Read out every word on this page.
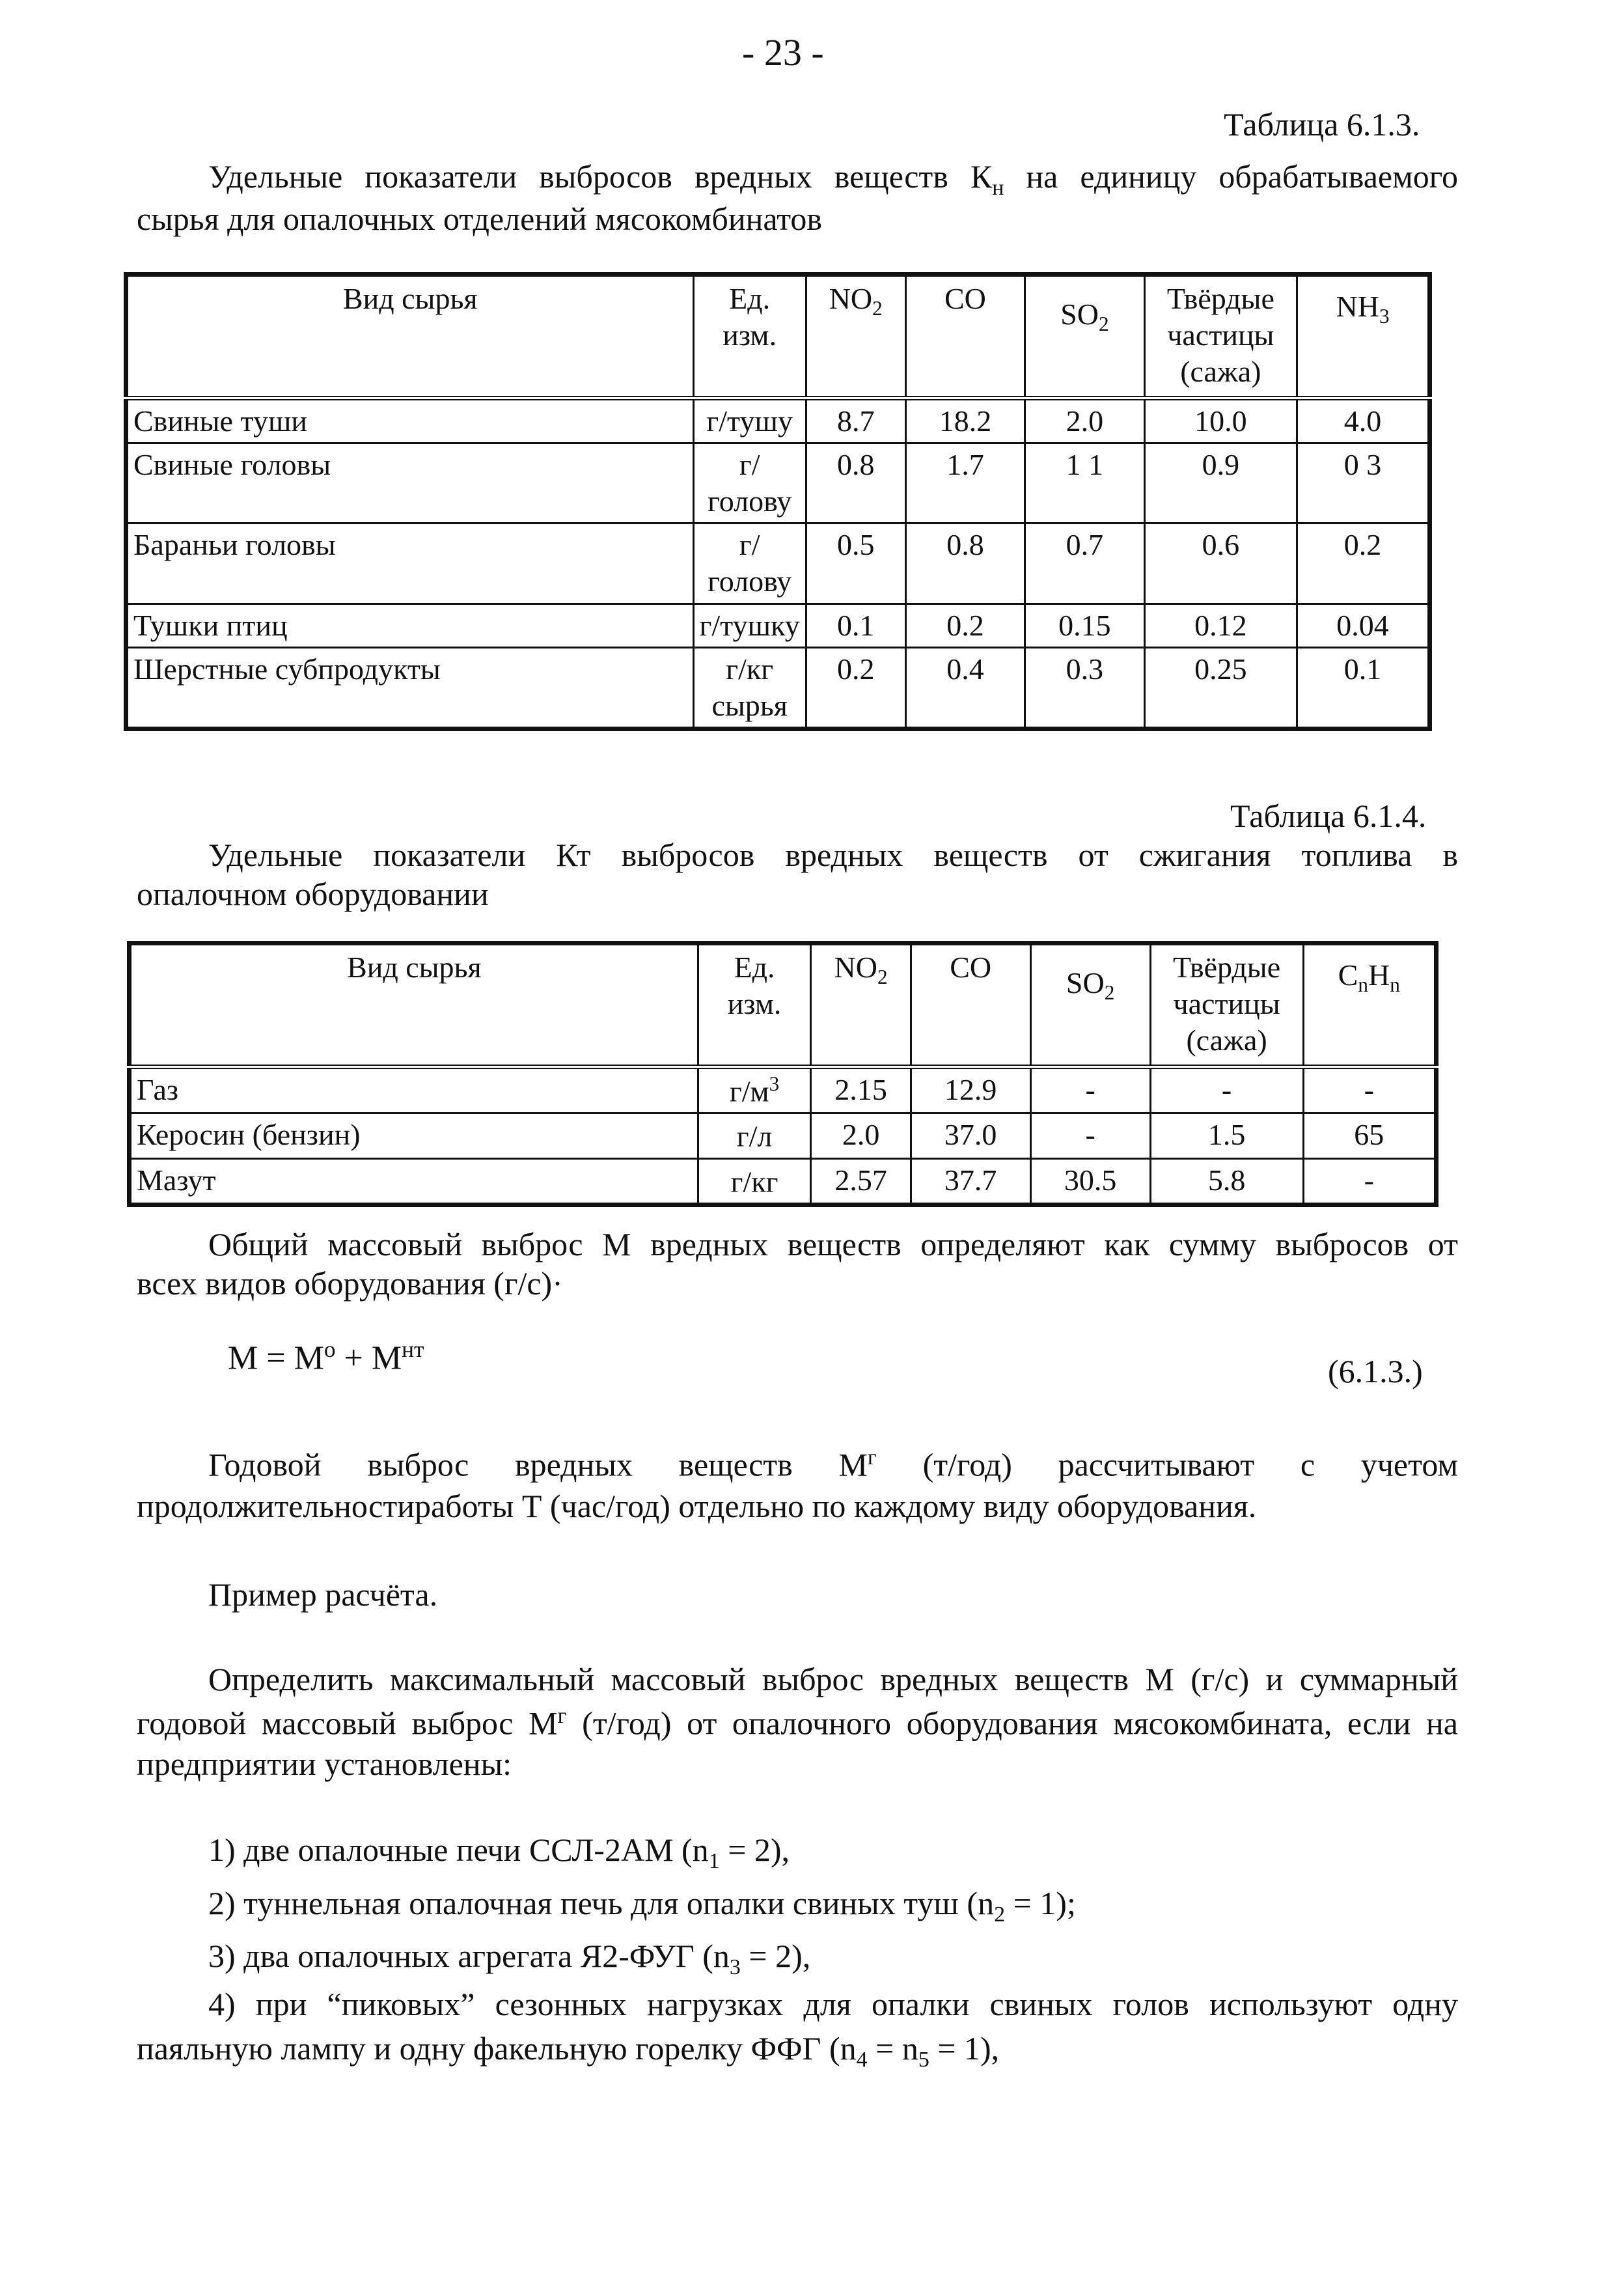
- 23 -
Таблица 6.1.3.
Удельные показатели выбросов вредных веществ $К_н$ на единицу обрабатываемого
сырья для опалочных отделений мясокомбинатов
Вид сырья	Ед. изм.	$NO_2$	CO	$SO_2$	Твёрдые частицы (сажа)	$NH_3$
Свиные туши	г/тушу	8.7	18.2	2.0	10.0	4.0
Свиные головы	г/голову	0.8	1.7	1 1	0.9	0 3
Бараньи головы	г/голову	0.5	0.8	0.7	0.6	0.2
Тушки птиц	г/тушку	0.1	0.2	0.15	0.12	0.04
Шерстные субпродукты	г/кг сырья	0.2	0.4	0.3	0.25	0.1
Таблица 6.1.4.
Удельные показатели Кт выбросов вредных веществ от сжигания топлива в
опалочном оборудовании
Вид сырья	Ед. изм.	$NO_2$	CO	$SO_2$	Твёрдые частицы (сажа)	$C_nH_n$
Газ	$г/м^3$	2.15	12.9	-	-	-
Керосин (бензин)	г/л	2.0	37.0	-	1.5	65
Мазут	г/кг	2.57	37.7	30.5	5.8	-
Общий массовый выброс М вредных веществ определяют как сумму выбросов от
всех видов оборудования (г/с)·
$М = М^о + М^{нт}$
(6.1.3.)
Годовой выброс вредных веществ $М^г$ (т/год) рассчитывают с учетом
продолжительностиработы Т (час/год) отдельно по каждому виду оборудования.
Пример расчёта.
Определить максимальный массовый выброс вредных веществ М (г/с) и суммарный
годовой массовый выброс $М^г$ (т/год) от опалочного оборудования мясокомбината, если на
предприятии установлены:
1) две опалочные печи ССЛ-2АМ $(n_1 = 2)$,
2) туннельная опалочная печь для опалки свиных туш $(n_2 = 1)$;
3) два опалочных агрегата Я2-ФУГ $(n_3 = 2)$,
4) при “пиковых” сезонных нагрузках для опалки свиных голов используют одну
паяльную лампу и одну факельную горелку ФФГ $(n_4 = n_5 = 1)$,
